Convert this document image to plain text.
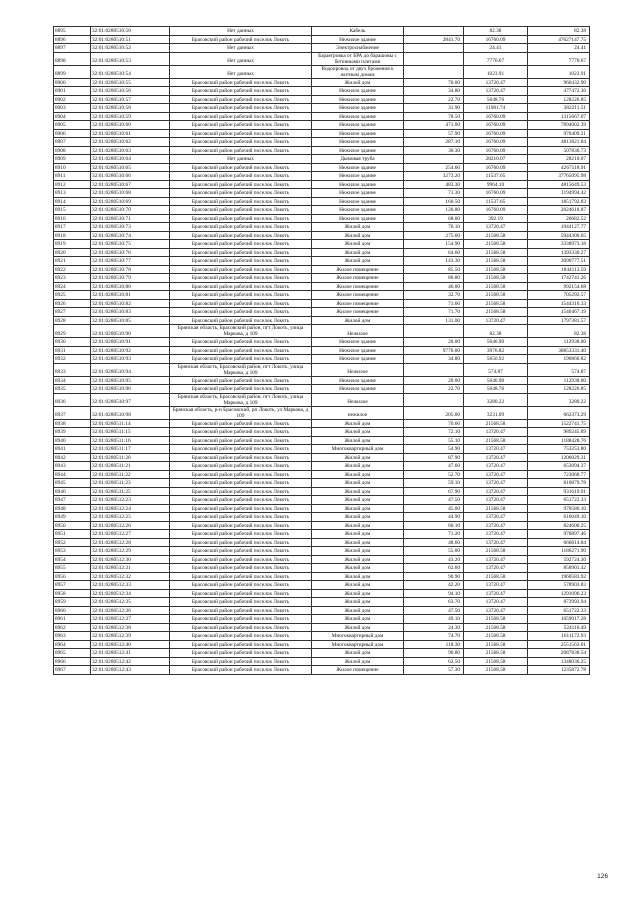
8895	32:01:0280510:50	Нет данных	Кабель		82.38	82.38
8896	32:01:0280510:51	Брасовский район рабочий поселок Локоть	Нежилое здание	2841.70	16760.09	47627147.75
8897	32:01:0280510:52	Нет данных	Электроснабжение		24.41	24.41
8898	32:01:0280510:53	Нет данных	Бараегровка от БРА до барашовы с бетонными плитами		7776.67	7776.67
8899	32:01:0280510:54	Нет данных	Водопровод от двух брожения к житным домам		1023.91	1023.91
8900	32:01:0280510:55	Брасовский район рабочий поселок Локоть	Жилой дом	70.00	13720.47	960432.90
8901	32:01:0280510:56	Брасовский район рабочий поселок Локоть	Нежилое здание	34.80	13720.47	477472.36
8902	32:01:0280510:57	Брасовский район рабочий поселок Локоть	Нежилое здание	22.70	5648.76	128226.85
8903	32:01:0280510:58	Брасовский район рабочий поселок Локоть	Нежилое здание	31.90	11981.74	382211.51
8904	32:01:0280510:59	Брасовский район рабочий поселок Локоть	Нежилое здание	78.50	16760.09	1315667.07
8905	32:01:0280510:60	Брасовский район рабочий поселок Локоть	Нежилое здание	471.00	16760.09	7894002.39
8906	32:01:0280510:61	Брасовский район рабочий поселок Локоть	Нежилое здание	57.90	16760.09	970409.21
8907	32:01:0280510:62	Брасовский район рабочий поселок Локоть	Нежилое здание	287.10	16760.09	4811821.84
8908	32:01:0280510:63	Брасовский район рабочий поселок Локоть	Нежилое здание	30.30	16760.09	507830.73
8909	32:01:0280510:64	Нет данных	Дымовая труба		28210.07	28210.07
8910	32:01:0280510:65	Брасовский район рабочий поселок Локоть	Нежилое здание	254.60	16760.09	4267118.91
8911	32:01:0280510:66	Брасовский район рабочий поселок Локоть	Нежилое здание	3273.20	11537.65	37765095.98
8912	32:01:0280510:67	Брасовский район рабочий поселок Локоть	Нежилое здание	483.30	9964.10	4815649.53
8913	32:01:0280510:68	Брасовский район рабочий поселок Локоть	Нежилое здание	71.30	16760.09	1194994.42
8914	32:01:0280510:69	Брасовский район рабочий поселок Локоть	Нежилое здание	160.50	11537.65	1851792.83
8915	32:01:0280510:70	Брасовский район рабочий поселок Локоть	Нежилое здание	120.80	16760.09	2024618.87
8916	32:01:0280510:71	Брасовский район рабочий поселок Локоть	Нежилое здание	68.00	392.19	26682.52
8917	32:01:0280510:73	Брасовский район рабочий поселок Локоть	Жилой дом	76.10	13720.47	1044127.77
8918	32:01:0280510:74	Брасовский район рабочий поселок Локоть	Жилой дом	275.60	21568.58	5944300.65
8919	32:01:0280510:75	Брасовский район рабочий поселок Локоть	Жилой дом	154.90	21568.58	3338973.18
8920	32:01:0280510:76	Брасовский район рабочий поселок Локоть	Жилой дом	64.60	21568.58	1393330.27
8921	32:01:0280510:77	Брасовский район рабочий поселок Локоть	Жилой дом	143.30	21568.58	3090777.51
8922	32:01:0280510:78	Брасовский район рабочий поселок Локоть	Жилое помещение	85.50	21568.58	1844113.59
8923	32:01:0280510:79	Брасовский район рабочий поселок Локоть	Жилое помещение	80.80	21568.58	1742741.26
8924	32:01:0280510:80	Брасовский район рабочий поселок Локоть	Жилое помещение	46.00	21568.58	992154.68
8925	32:01:0280510:81	Брасовский район рабочий поселок Локоть	Жилое помещение	32.70	21568.58	705292.57
8926	32:01:0280510:82	Брасовский район рабочий поселок Локоть	Жилое помещение	71.60	21568.58	1544310.33
8927	32:01:0280510:83	Брасовский район рабочий поселок Локоть	Жилое помещение	71.70	21568.58	1546467.19
8928	32:01:0280510:85	Брасовский район рабочий поселок Локоть	Жилой дом	131.00	13720.47	1797381.57
8929	32:01:0280510:90	Брянская область, Брасовский район, пгт Локоть, улица Маркова, д 109	Нежилое		82.38	82.38
8930	32:01:0280510:91	Брасовский район рабочий поселок Локоть	Нежилое здание	20.00	5646.90	112938.00
8931	32:01:0280510:92	Брасовский район рабочий поселок Локоть	Нежилое здание	9770.00	3976.82	38853331.40
8932	32:01:0280510:93	Брасовский район рабочий поселок Локоть	Нежилое здание	34.80	5656.92	196860.82
8933	32:01:0280510:94	Брянская область, Брасовский район, пгт Локоть, улица Маркова, д 109	Нежилое		574.87	574.87
8934	32:01:0280510:95	Брасовский район рабочий поселок Локоть	Нежилое здание	20.00	5646.90	112938.00
8935	32:01:0280510:96	Брасовский район рабочий поселок Локоть	Нежилое здание	22.70	5648.76	128226.85
8936	32:01:0280510:97	Брянская область, Брасовский район, пгт Локоть, улица Маркова, д 109	Нежилое		3280.22	3280.22
8937	32:01:0280510:98	Брянская область, р-н Брасовский, рп Локоть, ул Маркова, д 109	нежилое	205.00	3231.09	662373.29
8938	32:01:0280511:14	Брасовский район рабочий поселок Локоть	Жилой дом	70.60	21568.58	1522741.75
8939	32:01:0280511:15	Брасовский район рабочий поселок Локоть	Жилой дом	72.10	13720.47	989245.89
8940	32:01:0280511:16	Брасовский район рабочий поселок Локоть	Жилой дом	55.10	21568.58	1188428.76
8941	32:01:0280511:17	Брасовский район рабочий поселок Локоть	Многоквартирный дом	54.90	13720.47	753253.80
8942	32:01:0280511:20	Брасовский район рабочий поселок Локоть	Жилой дом	87.90	13720.47	1206029.31
8943	32:01:0280511:21	Брасовский район рабочий поселок Локоть	Жилой дом	47.60	13720.47	653094.37
8944	32:01:0280511:22	Брасовский район рабочий поселок Локоть	Жилой дом	52.70	13720.47	723068.77
8945	32:01:0280511:23	Брасовский район рабочий поселок Локоть	Жилой дом	59.10	13720.47	810879.78
8946	32:01:0280511:25	Брасовский район рабочий поселок Локоть	Жилой дом	67.90	13720.47	931619.91
8947	32:01:0280512:23	Брасовский район рабочий поселок Локоть	Жилой дом	47.50	13720.47	651722.33
8948	32:01:0280512:24	Брасовский район рабочий поселок Локоть	Жилой дом	45.00	21568.58	970586.10
8949	32:01:0280512:25	Брасовский район рабочий поселок Локоть	Жилой дом	44.90	13720.47	616049.10
8950	32:01:0280512:26	Брасовский район рабочий поселок Локоть	Жилой дом	60.10	13720.47	824600.25
8951	32:01:0280512:27	Брасовский район рабочий поселок Локоть	Жилой дом	71.20	13720.47	976897.46
8952	32:01:0280512:28	Брасовский район рабочий поселок Локоть	Жилой дом	48.60	13720.47	666814.84
8953	32:01:0280512:29	Брасовский район рабочий поселок Локоть	Жилой дом	55.00	21568.58	1186271.90
8954	32:01:0280512:30	Брасовский район рабочий поселок Локоть	Жилой дом	43.20	13720.47	592724.30
8955	32:01:0280512:31	Брасовский район рабочий поселок Локоть	Жилой дом	62.60	13720.47	858901.42
8956	32:01:0280512:32	Брасовский район рабочий поселок Локоть	Жилой дом	90.90	21568.58	1960583.92
8957	32:01:0280512:33	Брасовский район рабочий поселок Локоть	Жилой дом	42.20	13720.47	578903.83
8958	32:01:0280512:34	Брасовский район рабочий поселок Локоть	Жилой дом	94.10	13720.47	1291096.23
8959	32:01:0280512:35	Брасовский район рабочий поселок Локоть	Жилой дом	63.70	13720.47	873993.94
8960	32:01:0280512:36	Брасовский район рабочий поселок Локоть	Жилой дом	47.50	13720.47	651722.33
8961	32:01:0280512:37	Брасовский район рабочий поселок Локоть	Жилой дом	49.10	21568.58	1059017.28
8962	32:01:0280512:38	Брасовский район рабочий поселок Локоть	Жилой дом	24.30	21568.58	524116.49
8963	32:01:0280512:39	Брасовский район рабочий поселок Локоть	Многоквартирный дом	74.70	21568.58	1611172.93
8964	32:01:0280512:40	Брасовский район рабочий поселок Локоть	Многоквартирный дом	118.30	21568.58	2551563.01
8965	32:01:0280512:41	Брасовский район рабочий поселок Локоть	Жилой дом	96.80	21568.58	2087838.54
8966	32:01:0280512:42	Брасовский район рабочий поселок Локоть	Жилой дом	62.50	21568.58	1348036.25
8967	32:01:0280512:43	Брасовский район рабочий поселок Локоть	Жилое помещение	57.30	21568.58	1235872.78
126
